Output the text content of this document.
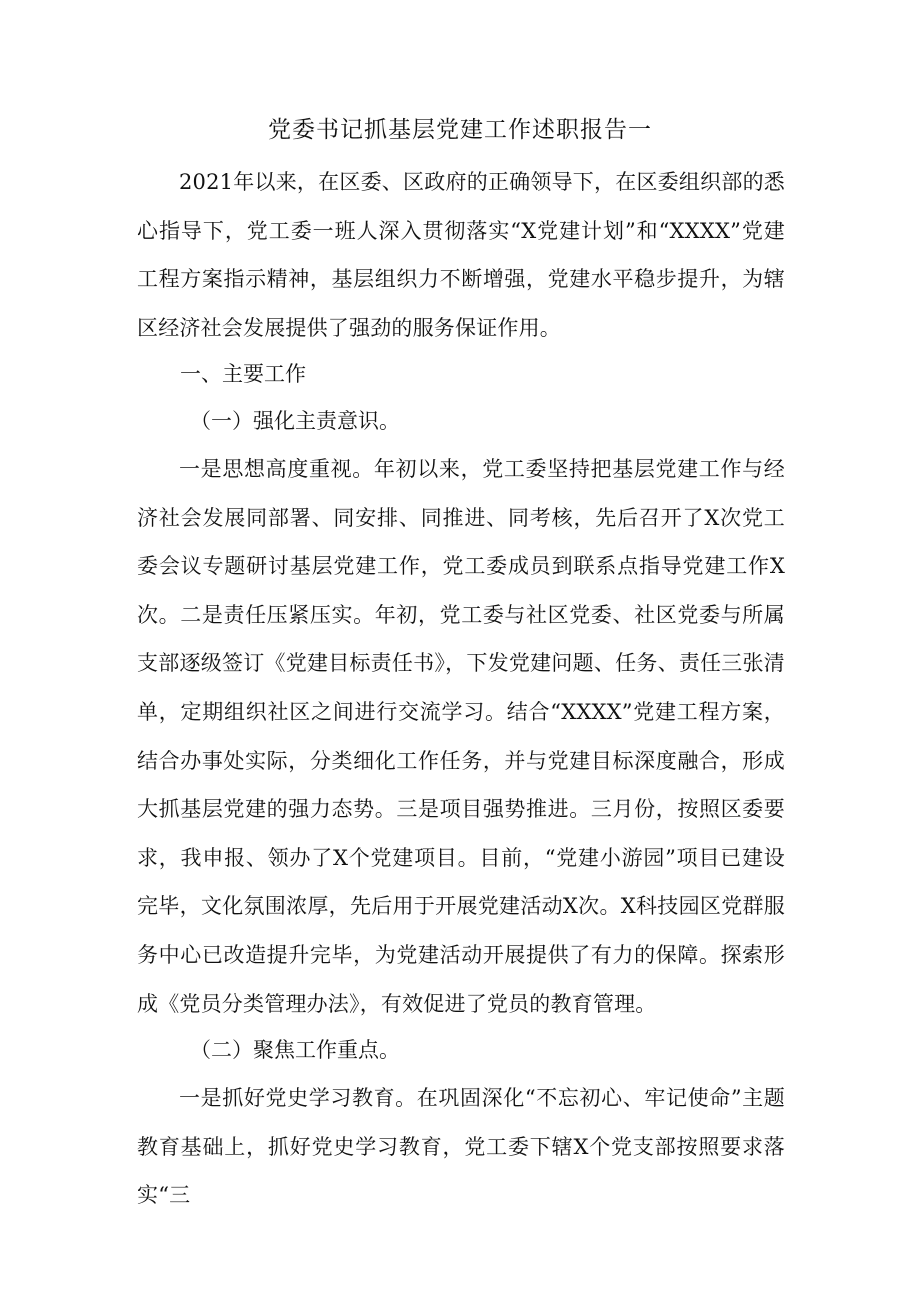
党委书记抓基层党建工作述职报告一

2021年以来，在区委、区政府的正确领导下，在区委组织部的悉心指导下，党工委一班人深入贯彻落实“X党建计划”和“XXXX”党建工程方案指示精神，基层组织力不断增强，党建水平稳步提升，为辖区经济社会发展提供了强劲的服务保证作用。

一、主要工作

（一）强化主责意识。

一是思想高度重视。年初以来，党工委坚持把基层党建工作与经济社会发展同部署、同安排、同推进、同考核，先后召开了X次党工委会议专题研讨基层党建工作，党工委成员到联系点指导党建工作X次。二是责任压紧压实。年初，党工委与社区党委、社区党委与所属支部逐级签订《党建目标责任书》，下发党建问题、任务、责任三张清单，定期组织社区之间进行交流学习。结合“XXXX”党建工程方案，结合办事处实际，分类细化工作任务，并与党建目标深度融合，形成大抓基层党建的强力态势。三是项目强势推进。三月份，按照区委要求，我申报、领办了X个党建项目。目前，“党建小游园”项目已建设完毕，文化氛围浓厚，先后用于开展党建活动X次。X科技园区党群服务中心已改造提升完毕，为党建活动开展提供了有力的保障。探索形成《党员分类管理办法》，有效促进了党员的教育管理。

（二）聚焦工作重点。

一是抓好党史学习教育。在巩固深化“不忘初心、牢记使命”主题教育基础上，抓好党史学习教育，党工委下辖X个党支部按照要求落实“三
